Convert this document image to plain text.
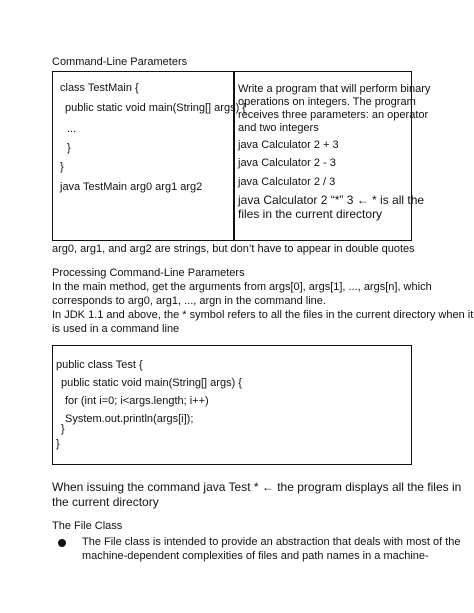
Command-Line Parameters
class TestMain {
public static void main(String[] args) {
...
}
}
java TestMain arg0 arg1 arg2
Write a program that will perform binary
operations on integers. The program
receives three parameters: an operator
and two integers
java Calculator 2 + 3
java Calculator 2 - 3
java Calculator 2 / 3
java Calculator 2 “*” 3 ← * is all the
files in the current directory
arg0, arg1, and arg2 are strings, but don’t have to appear in double quotes
Processing Command-Line Parameters
In the main method, get the arguments from args[0], args[1], ..., args[n], which
corresponds to arg0, arg1, ..., argn in the command line.
In JDK 1.1 and above, the * symbol refers to all the files in the current directory when it
is used in a command line
public class Test {
public static void main(String[] args) {
for (int i=0; i<args.length; i++)
System.out.println(args[i]);
}
}
When issuing the command java Test * ← the program displays all the files in
the current directory
The File Class
The File class is intended to provide an abstraction that deals with most of the
machine-dependent complexities of files and path names in a machine-
